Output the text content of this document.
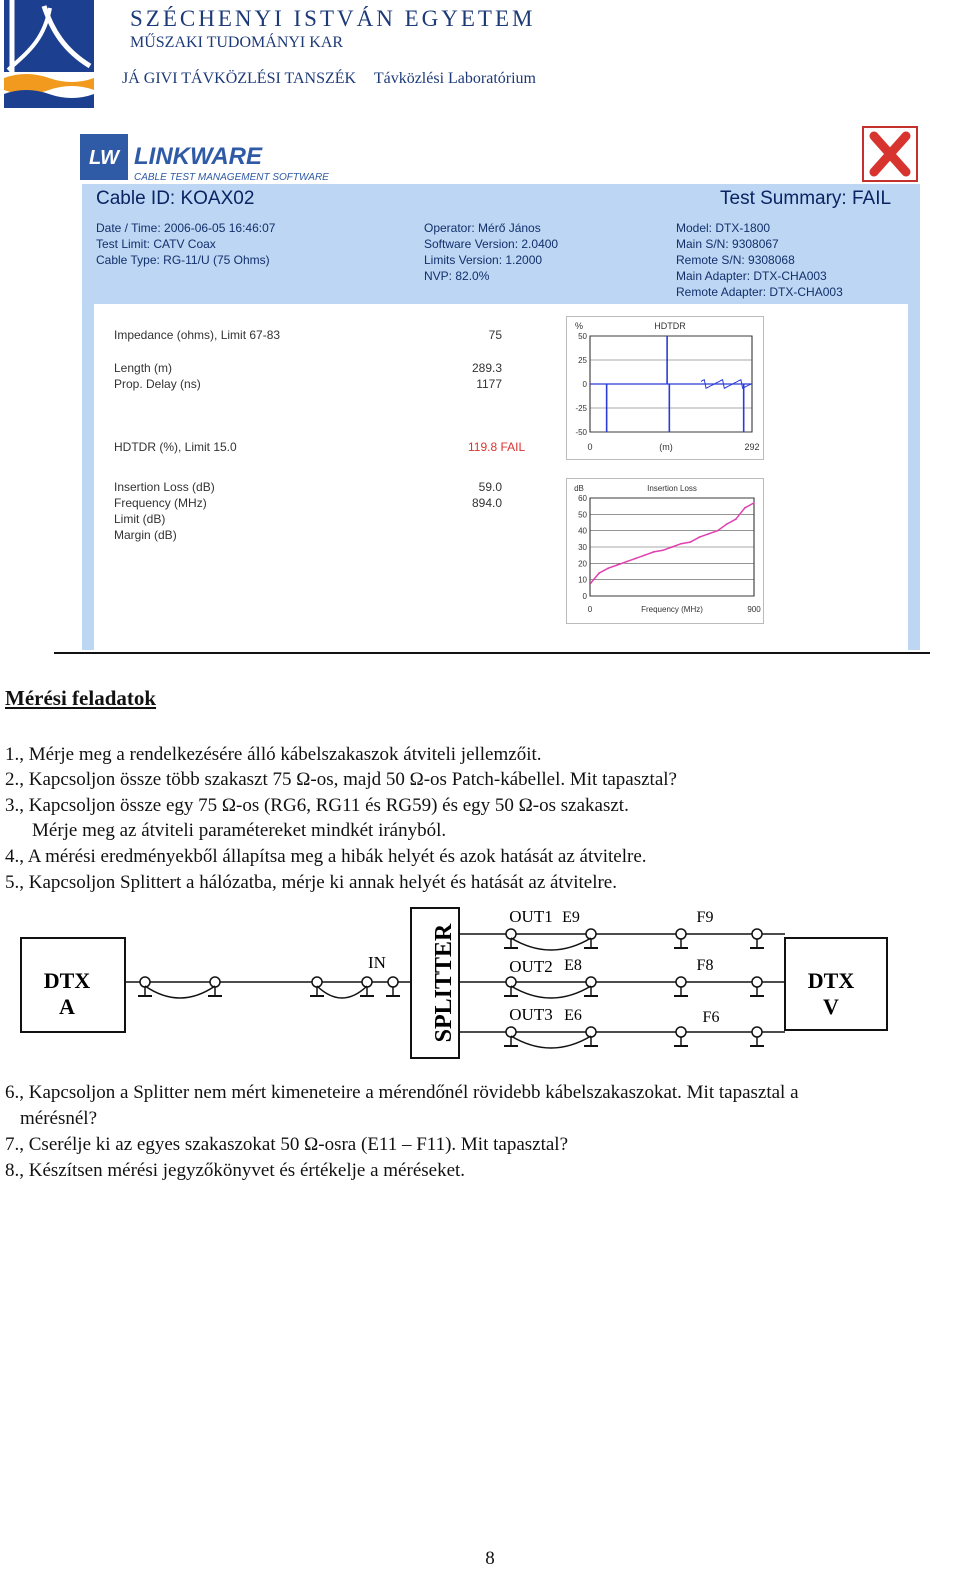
SZÉCHENYI ISTVÁN EGYETEM
MŰSZAKI TUDOMÁNYI KAR
JÁ GIVI TÁVKÖZLÉSI TANSZÉK Távközlési Laboratórium
LW LINKWARE
CABLE TEST MANAGEMENT SOFTWARE
Cable ID: KOAX02	Test Summary: FAIL
Date / Time: 2006-06-05 16:46:07
Test Limit: CATV Coax
Cable Type: RG-11/U (75 Ohms)
Operator: Mérő János
Software Version: 2.0400
Limits Version: 1.2000
NVP: 82.0%
Model: DTX-1800
Main S/N: 9308067
Remote S/N: 9308068
Main Adapter: DTX-CHA003
Remote Adapter: DTX-CHA003
Impedance (ohms), Limit 67-83	75
Length (m)	289.3
Prop. Delay (ns)	1177
HDTDR (%), Limit 15.0	119.8 FAIL
Insertion Loss (dB)	59.0
Frequency (MHz)	894.0
Limit (dB)
Margin (dB)
HDTDR
%
(m)
50
25
0
-25
-50
0	292
Insertion Loss
dB
Frequency (MHz)
60
50
40
30
20
10
0
0	900
Mérési feladatok
1., Mérje meg a rendelkezésére álló kábelszakaszok átviteli jellemzőit.
2., Kapcsoljon össze több szakaszt 75 Ω-os, majd 50 Ω-os Patch-kábellel. Mit tapasztal?
3., Kapcsoljon össze egy 75 Ω-os (RG6, RG11 és RG59) és egy 50 Ω-os szakaszt.
Mérje meg az átviteli paramétereket mindkét irányból.
4., A mérési eredményekből állapítsa meg a hibák helyét és azok hatását az átvitelre.
5., Kapcsoljon Splittert a hálózatba, mérje ki annak helyét és hatását az átvitelre.
DTX
A	SPLITTER	DTX
V
IN
OUT1 E9	F9
OUT2 E8	F8
OUT3 E6	F6
6., Kapcsoljon a Splitter nem mért kimeneteire a mérendőnél rövidebb kábelszakaszokat. Mit tapasztal a
mérésnél?
7., Cserélje ki az egyes szakaszokat 50 Ω-osra (E11 – F11). Mit tapasztal?
8., Készítsen mérési jegyzőkönyvet és értékelje a méréseket.
8
